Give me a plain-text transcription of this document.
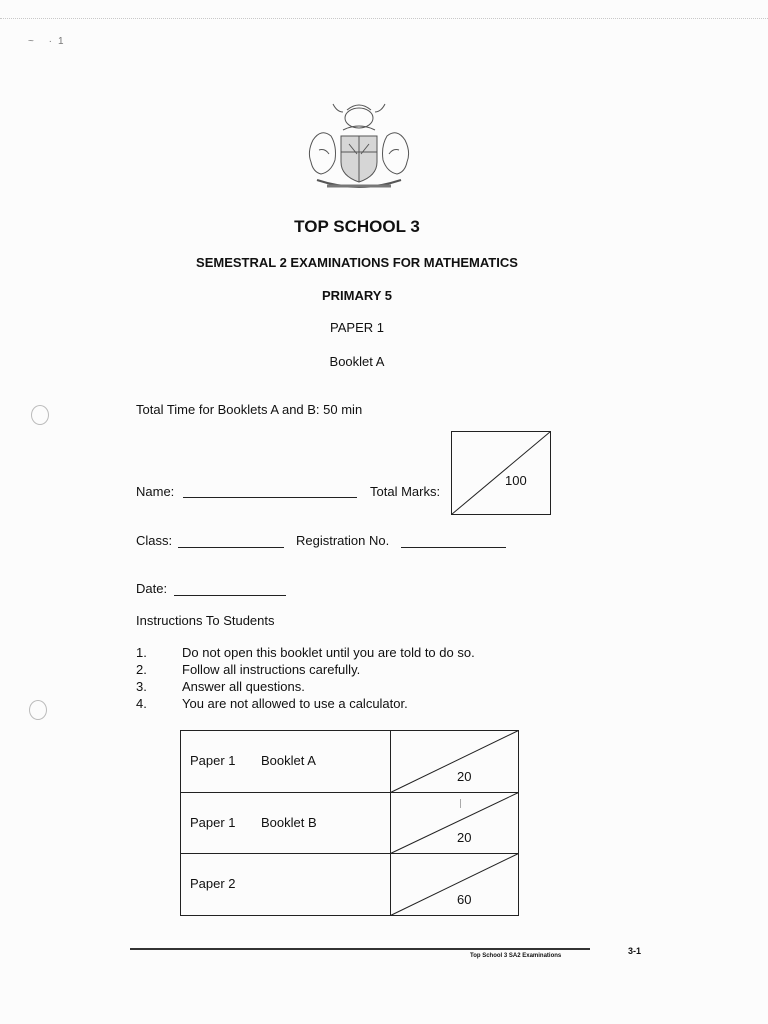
~ ·1
TOP SCHOOL 3
SEMESTRAL 2 EXAMINATIONS FOR MATHEMATICS
PRIMARY 5
PAPER 1
Booklet A
Total Time for Booklets A and B: 50 min
Name:	Total Marks:
100
Class:	Registration No.
Date:
Instructions To Students
1.	Do not open this booklet until you are told to do so.
2.	Follow all instructions carefully.
3.	Answer all questions.
4.	You are not allowed to use a calculator.
Paper 1 Booklet A
20
Paper 1 Booklet B
20
Paper 2
60
Top School 3 SA2 Examinations	3-1
